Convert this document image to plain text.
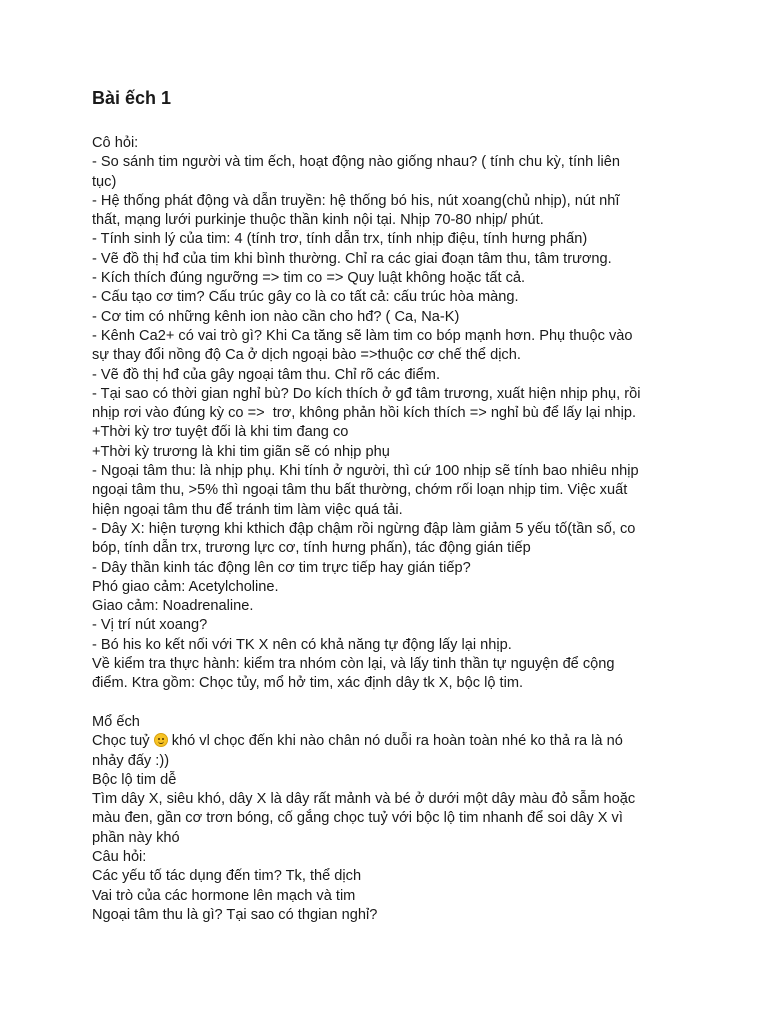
Bài ếch 1
Cô hỏi:
- So sánh tim người và tim ếch, hoạt động nào giống nhau? ( tính chu kỳ, tính liên
tục)
- Hệ thống phát động và dẫn truyền: hệ thống bó his, nút xoang(chủ nhịp), nút nhĩ
thất, mạng lưới purkinje thuộc thần kinh nội tại. Nhịp 70-80 nhịp/ phút.
- Tính sinh lý của tim: 4 (tính trơ, tính dẫn trx, tính nhịp điệu, tính hưng phấn)
- Vẽ đồ thị hđ của tim khi bình thường. Chỉ ra các giai đoạn tâm thu, tâm trương.
- Kích thích đúng ngưỡng => tim co => Quy luật không hoặc tất cả.
- Cấu tạo cơ tim? Cấu trúc gây co là co tất cả: cấu trúc hòa màng.
- Cơ tim có những kênh ion nào cần cho hđ? ( Ca, Na-K)
- Kênh Ca2+ có vai trò gì? Khi Ca tăng sẽ làm tim co bóp mạnh hơn. Phụ thuộc vào
sự thay đổi nồng độ Ca ở dịch ngoại bào =>thuộc cơ chế thể dịch.
- Vẽ đồ thị hđ của gây ngoại tâm thu. Chỉ rõ các điểm.
- Tại sao có thời gian nghỉ bù? Do kích thích ở gđ tâm trương, xuất hiện nhịp phụ, rồi
nhịp rơi vào đúng kỳ co =>  trơ, không phản hồi kích thích => nghỉ bù để lấy lại nhịp.
+Thời kỳ trơ tuyệt đối là khi tim đang co
+Thời kỳ trương là khi tim giãn sẽ có nhịp phụ
- Ngoại tâm thu: là nhịp phụ. Khi tính ở người, thì cứ 100 nhịp sẽ tính bao nhiêu nhịp
ngoại tâm thu, >5% thì ngoại tâm thu bất thường, chớm rối loạn nhịp tim. Việc xuất
hiện ngoại tâm thu để tránh tim làm việc quá tải.
- Dây X: hiện tượng khi kthich đập chậm rồi ngừng đập làm giảm 5 yếu tố(tần số, co
bóp, tính dẫn trx, trương lực cơ, tính hưng phấn), tác động gián tiếp
- Dây thần kinh tác động lên cơ tim trực tiếp hay gián tiếp?
Phó giao cảm: Acetylcholine.
Giao cảm: Noadrenaline.
- Vị trí nút xoang?
- Bó his ko kết nối với TK X nên có khả năng tự động lấy lại nhịp.
Về kiểm tra thực hành: kiểm tra nhóm còn lại, và lấy tinh thần tự nguyện để cộng
điểm. Ktra gồm: Chọc tủy, mổ hở tim, xác định dây tk X, bộc lộ tim.
Mổ ếch
Chọc tuỷ  khó vl chọc đến khi nào chân nó duỗi ra hoàn toàn nhé ko thả ra là nó
nhảy đấy :))
Bộc lộ tim dễ
Tìm dây X, siêu khó, dây X là dây rất mảnh và bé ở dưới một dây màu đỏ sẫm hoặc
màu đen, gần cơ trơn bóng, cố gắng chọc tuỷ với bộc lộ tim nhanh để soi dây X vì
phần này khó
Câu hỏi:
Các yếu tố tác dụng đến tim? Tk, thể dịch
Vai trò của các hormone lên mạch và tim
Ngoại tâm thu là gì? Tại sao có thgian nghỉ?
